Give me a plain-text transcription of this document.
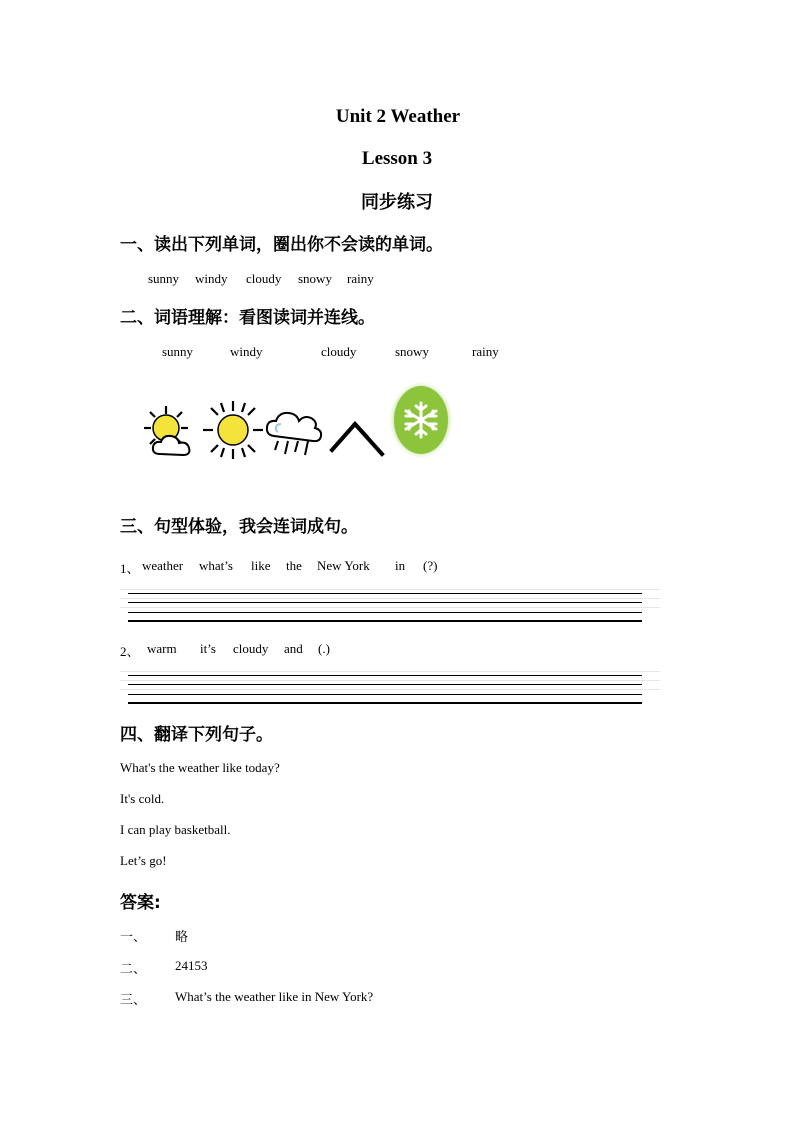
Unit 2 Weather
Lesson 3
同步练习
一、读出下列单词，圈出你不会读的单词。
sunny windy cloudy snowy rainy
二、词语理解：看图读词并连线。
sunny	windy	cloudy	snowy	rainy
三、句型体验，我会连词成句。
1、 weather what’s like the New York in (?)
2、 warm it’s cloudy and (.)
四、翻译下列句子。
What's the weather like today?
It's cold.
I can play basketball.
Let’s go!
答案:
一、 略
二、 24153
三、 What’s the weather like in New York?
